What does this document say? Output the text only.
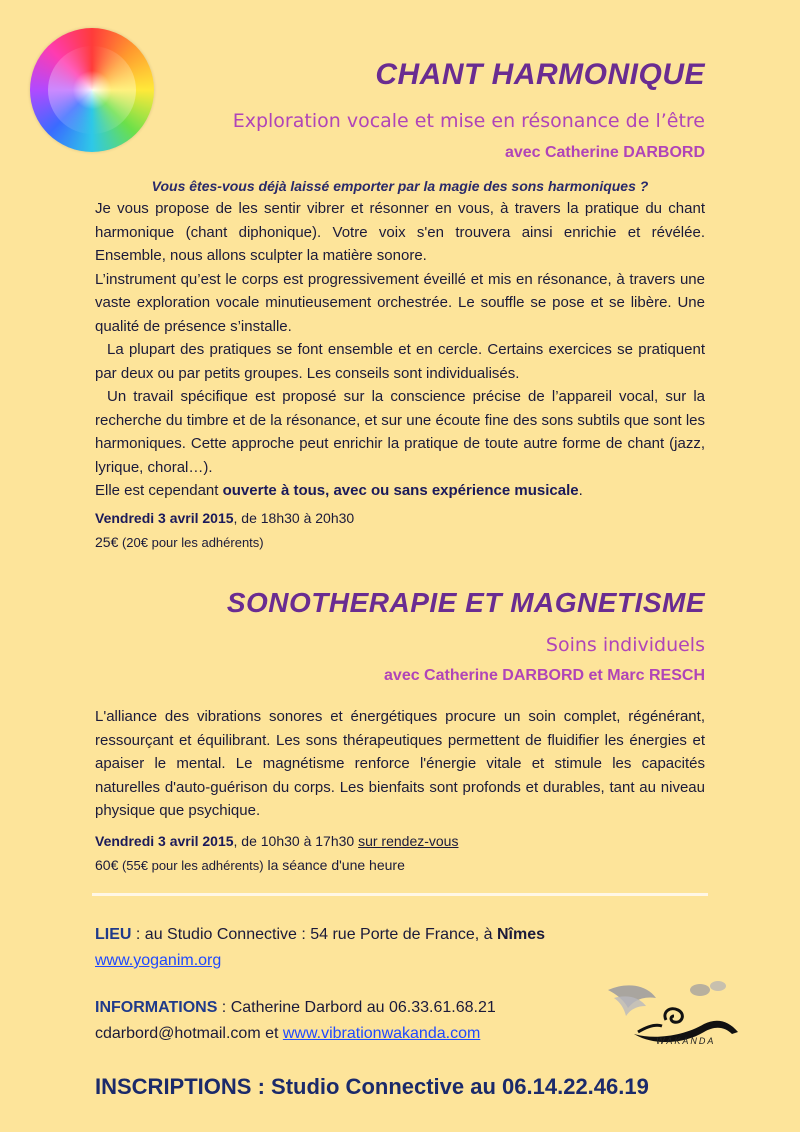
CHANT HARMONIQUE
Exploration vocale et mise en résonance de l’être
avec Catherine DARBORD
Vous êtes-vous déjà laissé emporter par la magie des sons harmoniques ?

Je vous propose de les sentir vibrer et résonner en vous, à travers la pratique du chant harmonique (chant diphonique). Votre voix s'en trouvera ainsi enrichie et révélée. Ensemble, nous allons sculpter la matière sonore.

L’instrument qu’est le corps est progressivement éveillé et mis en résonance, à travers une vaste exploration vocale minutieusement orchestrée. Le souffle se pose et se libère. Une qualité de présence s’installe.

La plupart des pratiques se font ensemble et en cercle. Certains exercices se pratiquent par deux ou par petits groupes. Les conseils sont individualisés.

Un travail spécifique est proposé sur la conscience précise de l’appareil vocal, sur la recherche du timbre et de la résonance, et sur une écoute fine des sons subtils que sont les harmoniques. Cette approche peut enrichir la pratique de toute autre forme de chant (jazz, lyrique, choral…).

Elle est cependant ouverte à tous, avec ou sans expérience musicale.

Vendredi 3 avril 2015, de 18h30 à 20h30
25€ (20€ pour les adhérents)
SONOTHERAPIE ET MAGNETISME
Soins individuels
avec Catherine DARBORD et Marc RESCH

L'alliance des vibrations sonores et énergétiques procure un soin complet, régénérant, ressourçant et équilibrant. Les sons thérapeutiques permettent de fluidifier les énergies et apaiser le mental. Le magnétisme renforce l'énergie vitale et stimule les capacités naturelles d'auto-guérison du corps. Les bienfaits sont profonds et durables, tant au niveau physique que psychique.

Vendredi 3 avril 2015, de 10h30 à 17h30 sur rendez-vous
60€ (55€ pour les adhérents) la séance d'une heure
LIEU : au Studio Connective : 54 rue Porte de France, à Nîmes
www.yoganim.org
INFORMATIONS : Catherine Darbord au 06.33.61.68.21
cdarbord@hotmail.com et www.vibrationwakanda.com
INSCRIPTIONS : Studio Connective au 06.14.22.46.19
WAKANDA
